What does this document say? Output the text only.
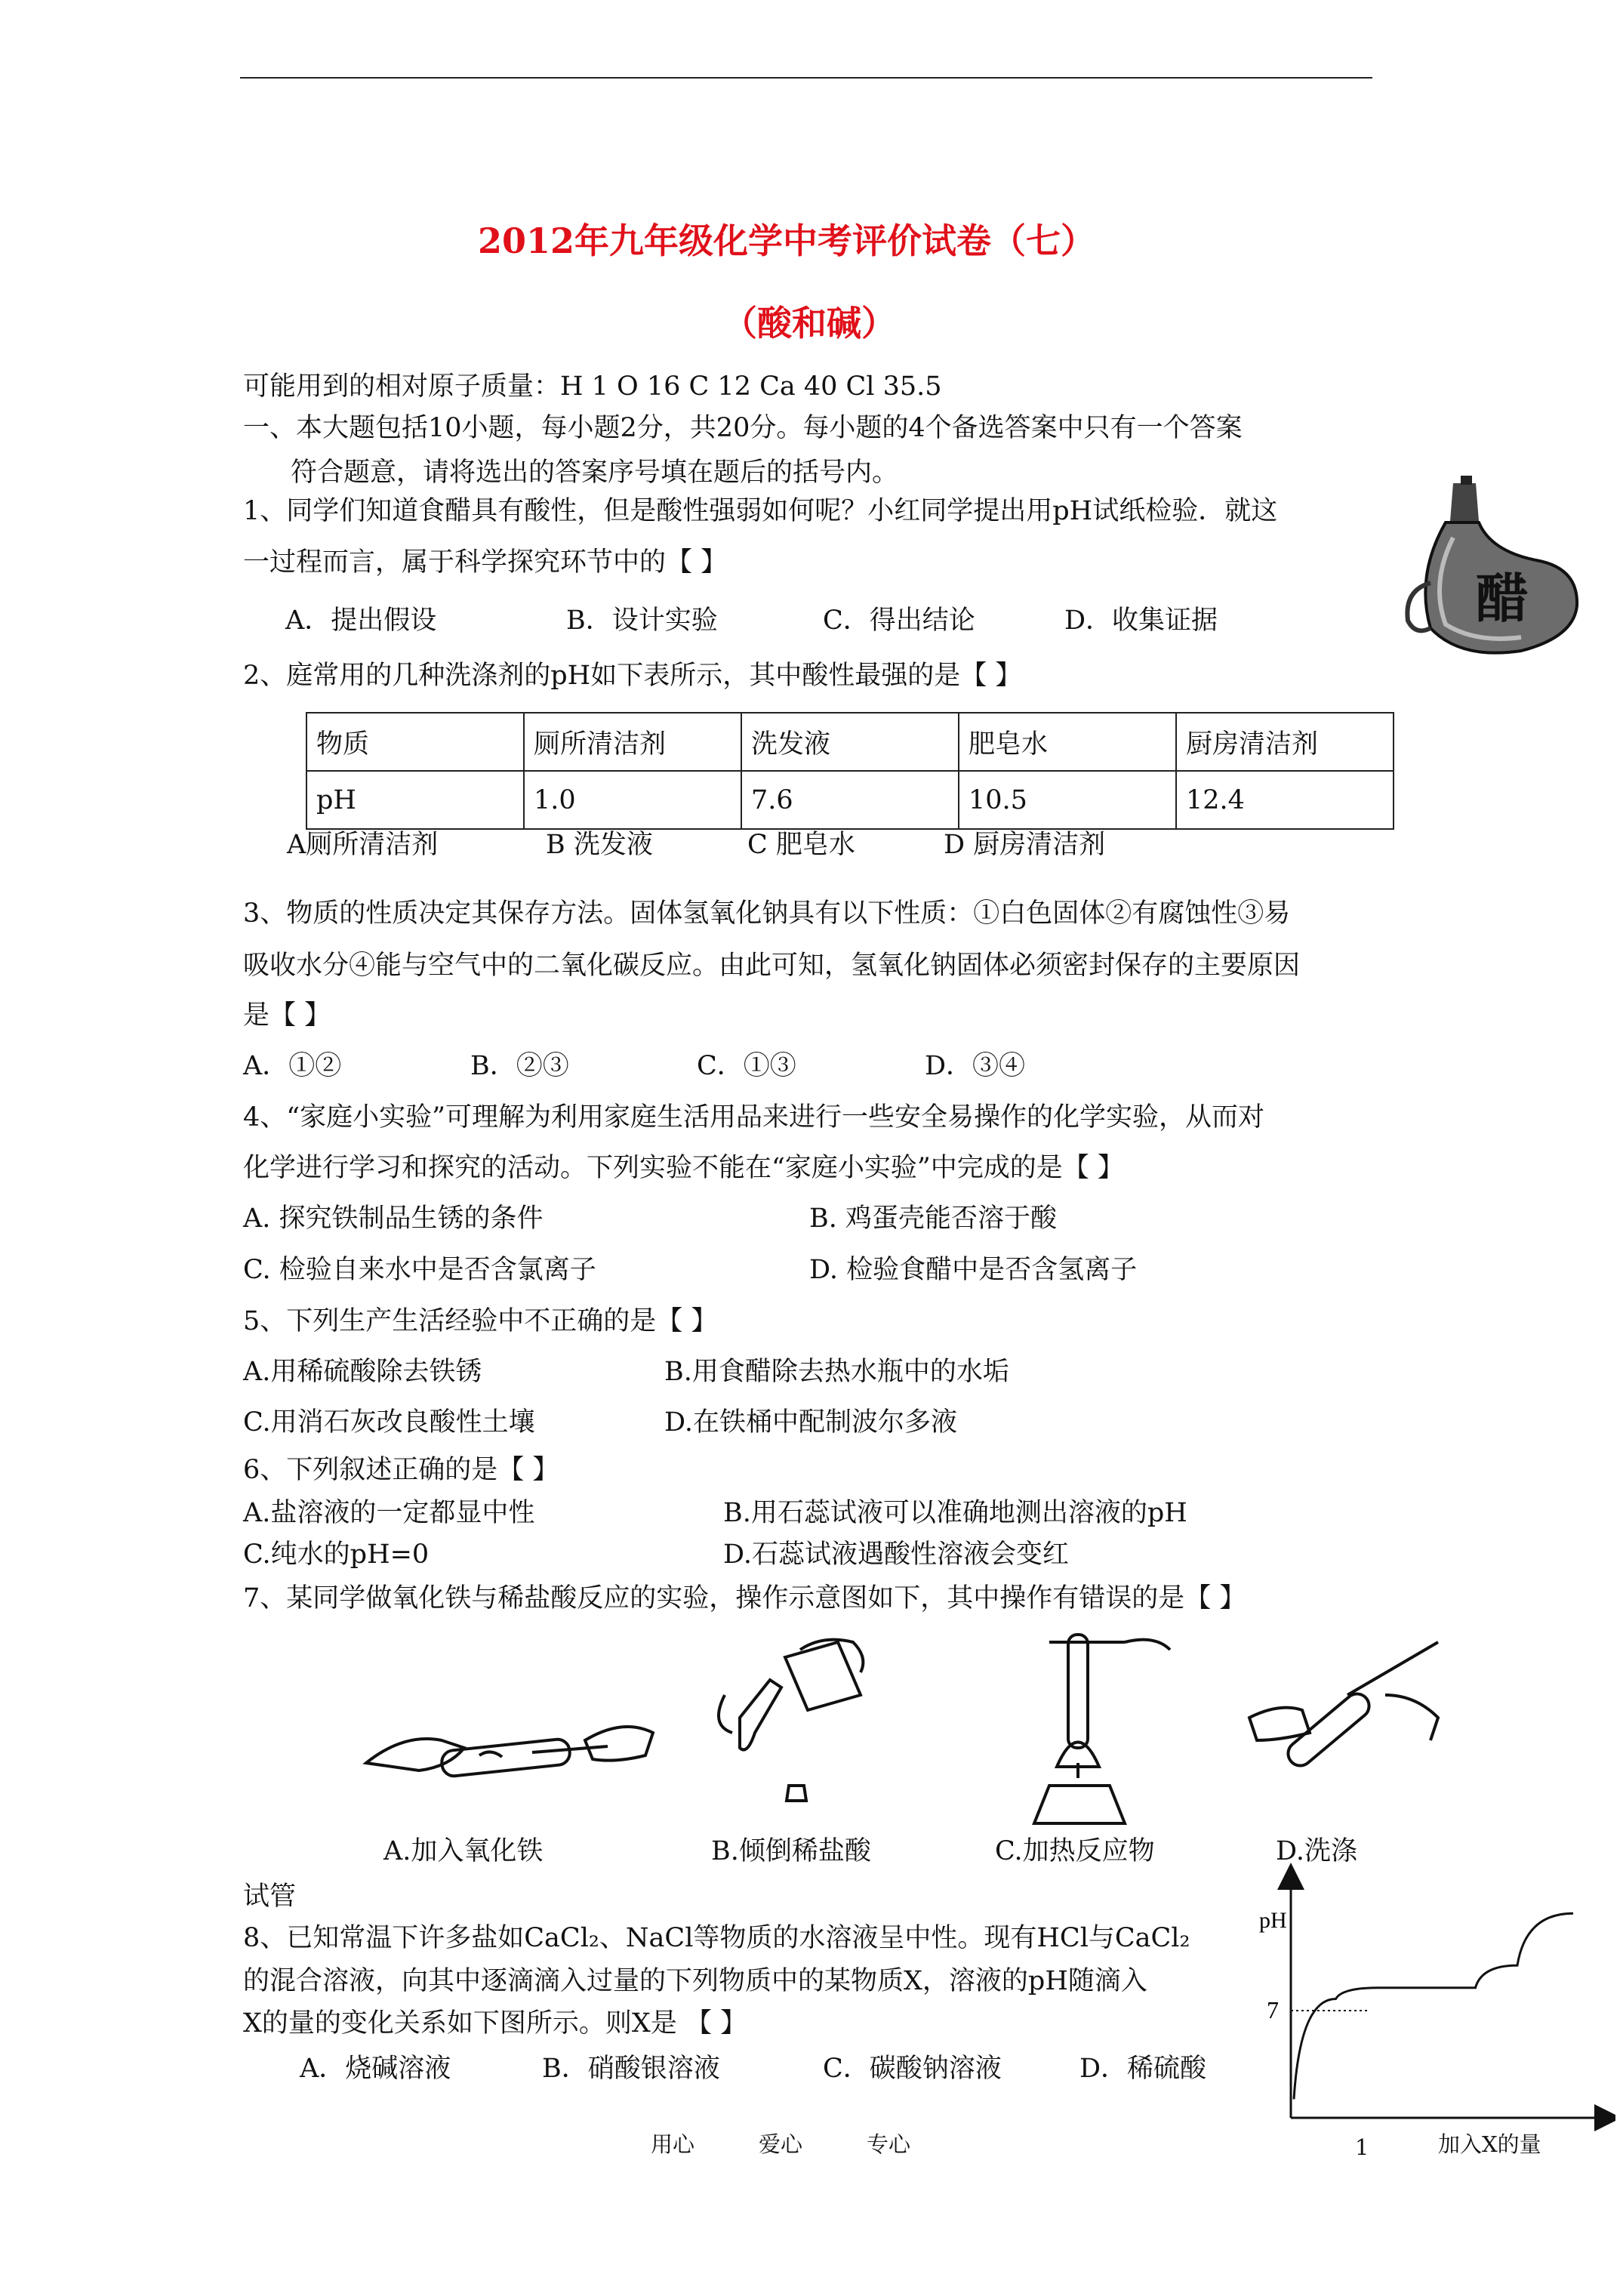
2012年九年级化学中考评价试卷（七）
（酸和碱）
可能用到的相对原子质量：H 1 O 16 C 12 Ca 40 Cl 35.5
一、本大题包括10小题，每小题2分，共20分。每小题的4个备选答案中只有一个答案
符合题意，请将选出的答案序号填在题后的括号内。
醋
1、同学们知道食醋具有酸性，但是酸性强弱如何呢？小红同学提出用pH试纸检验．就这
一过程而言，属于科学探究环节中的【 】
A．提出假设	B．设计实验	C．得出结论	D．收集证据
2、庭常用的几种洗涤剂的pH如下表所示，其中酸性最强的是【 】
物质	厕所清洁剂	洗发液	肥皂水	厨房清洁剂
pH	1.0	7.6	10.5	12.4
A厕所清洁剂	B 洗发液	C 肥皂水	D 厨房清洁剂
3、物质的性质决定其保存方法。固体氢氧化钠具有以下性质：①白色固体②有腐蚀性③易
吸收水分④能与空气中的二氧化碳反应。由此可知，氢氧化钠固体必须密封保存的主要原因
是【 】
A．①②	B．②③	C．①③	D．③④
4、“家庭小实验”可理解为利用家庭生活用品来进行一些安全易操作的化学实验，从而对
化学进行学习和探究的活动。下列实验不能在“家庭小实验”中完成的是【 】
A. 探究铁制品生锈的条件	B. 鸡蛋壳能否溶于酸
C. 检验自来水中是否含氯离子	D. 检验食醋中是否含氢离子
5、下列生产生活经验中不正确的是【 】
A.用稀硫酸除去铁锈	B.用食醋除去热水瓶中的水垢
C.用消石灰改良酸性土壤	D.在铁桶中配制波尔多液
6、下列叙述正确的是【 】
A.盐溶液的一定都显中性	B.用石蕊试液可以准确地测出溶液的pH
C.纯水的pH=0	D.石蕊试液遇酸性溶液会变红
7、某同学做氧化铁与稀盐酸反应的实验，操作示意图如下，其中操作有错误的是【 】
A.加入氧化铁	B.倾倒稀盐酸	C.加热反应物	D.洗涤
试管
8、已知常温下许多盐如CaCl₂、NaCl等物质的水溶液呈中性。现有HCl与CaCl₂
的混合溶液，向其中逐滴滴入过量的下列物质中的某物质X，溶液的pH随滴入
X的量的变化关系如下图所示。则X是 【 】
A．烧碱溶液	B．硝酸银溶液	C．碳酸钠溶液	D．稀硫酸
pH
7
加入X的量
用心	爱心	专心	1
